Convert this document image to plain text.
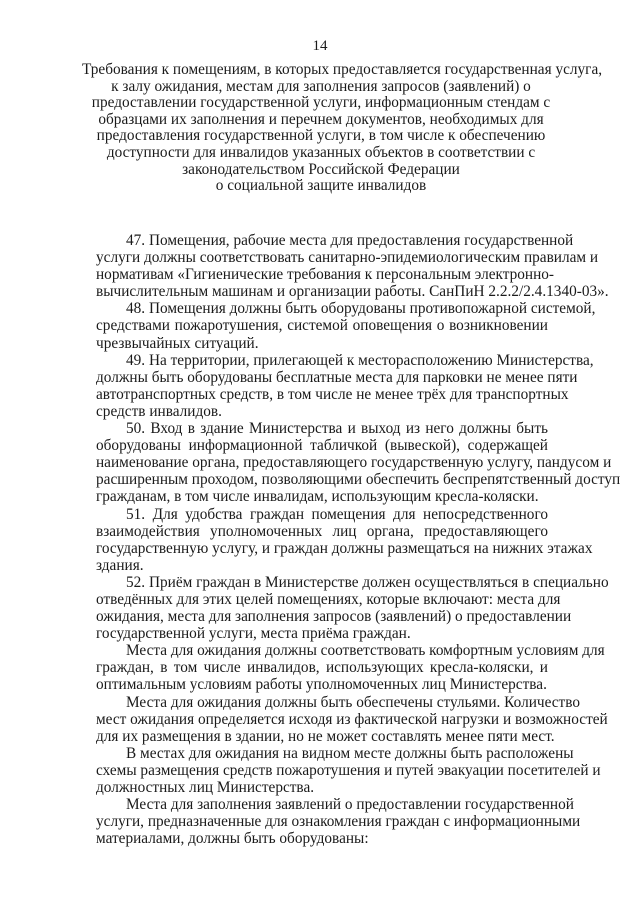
14
Требования к помещениям, в которых предоставляется государственная услуга,
к залу ожидания, местам для заполнения запросов (заявлений) о
предоставлении государственной услуги, информационным стендам с
образцами их заполнения и перечнем документов, необходимых для
предоставления государственной услуги, в том числе к обеспечению
доступности для инвалидов указанных объектов в соответствии с
законодательством Российской Федерации
о социальной защите инвалидов
47. Помещения, рабочие места для предоставления государственной
услуги должны соответствовать санитарно-эпидемиологическим правилам и
нормативам «Гигиенические требования к персональным электронно-
вычислительным машинам и организации работы. СанПиН 2.2.2/2.4.1340-03».
48. Помещения должны быть оборудованы противопожарной системой,
средствами пожаротушения, системой оповещения о возникновении
чрезвычайных ситуаций.
49. На территории, прилегающей к месторасположению Министерства,
должны быть оборудованы бесплатные места для парковки не менее пяти
автотранспортных средств, в том числе не менее трёх для транспортных
средств инвалидов.
50. Вход в здание Министерства и выход из него должны быть
оборудованы информационной табличкой (вывеской), содержащей
наименование органа, предоставляющего государственную услугу, пандусом и
расширенным проходом, позволяющими обеспечить беспрепятственный доступ
гражданам, в том числе инвалидам, использующим кресла-коляски.
51. Для удобства граждан помещения для непосредственного
взаимодействия уполномоченных лиц органа, предоставляющего
государственную услугу, и граждан должны размещаться на нижних этажах
здания.
52. Приём граждан в Министерстве должен осуществляться в специально
отведённых для этих целей помещениях, которые включают: места для
ожидания, места для заполнения запросов (заявлений) о предоставлении
государственной услуги, места приёма граждан.
Места для ожидания должны соответствовать комфортным условиям для
граждан, в том числе инвалидов, использующих кресла-коляски, и
оптимальным условиям работы уполномоченных лиц Министерства.
Места для ожидания должны быть обеспечены стульями. Количество
мест ожидания определяется исходя из фактической нагрузки и возможностей
для их размещения в здании, но не может составлять менее пяти мест.
В местах для ожидания на видном месте должны быть расположены
схемы размещения средств пожаротушения и путей эвакуации посетителей и
должностных лиц Министерства.
Места для заполнения заявлений о предоставлении государственной
услуги, предназначенные для ознакомления граждан с информационными
материалами, должны быть оборудованы:
